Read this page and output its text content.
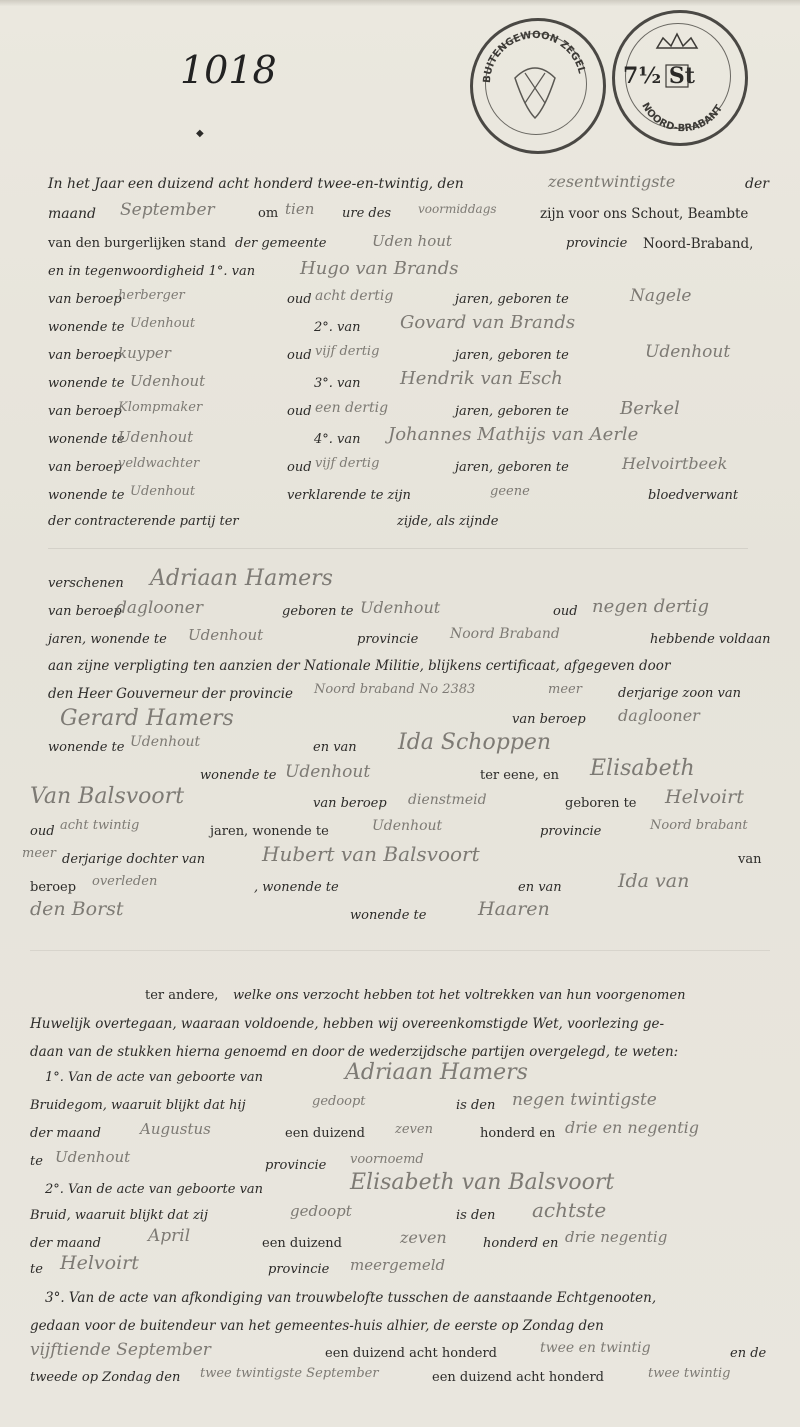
1018
◆
BUITENGEWOON ZEGEL 7½ St
NOORD-BRABANT
In het Jaar een duizend acht honderd twee-en-twintig, den	zesentwintigste	der
maand September	om tien ure des voormiddags	zijn voor ons Schout, Beambte
van den burgerlijken stand der gemeente	Uden hout	provincie Noord-Braband,
en in tegenwoordigheid 1°. van Hugo van Brands
van beroep
herberger	oud acht dertig	jaren, geboren te	Nagele
wonende te Udenhout	2°. van Govard van Brands
van beroep
kuyper	oud vijf dertig	jaren, geboren te	Udenhout
wonende te Udenhout	3°. van Hendrik van Esch
van beroep
Klompmaker	oud een dertig	jaren, geboren te	Berkel
wonende te
Udenhout	4°. van Johannes Mathijs van Aerle
van beroep
veldwachter	oud vijf dertig	jaren, geboren te	Helvoirtbeek
wonende te Udenhout	verklarende te zijn	geene	bloedverwant
der contracterende partij ter	zijde, als zijnde
verschenen Adriaan Hamers
van beroep
daglooner	geboren te Udenhout	oud negen dertig
jaren, wonende te Udenhout	provincie Noord Braband	hebbende voldaan
aan zijne verpligting ten aanzien der Nationale Militie, blijkens certificaat, afgegeven door
den Heer Gouverneur der provincie Noord braband No 2383	meer	derjarige zoon van
Gerard Hamers	van beroep daglooner
wonende te Udenhout	en van Ida Schoppen
wonende te Udenhout	ter eene, en Elisabeth
Van Balsvoort	van beroep dienstmeid	geboren te Helvoirt
oud acht twintig	jaren, wonende te	Udenhout	provincie	Noord brabant
meer derjarige dochter van	Hubert van Balsvoort	van
beroep overleden	, wonende te	en van	Ida van
den Borst	wonende te	Haaren
ter andere, welke ons verzocht hebben tot het voltrekken van hun voorgenomen
Huwelijk overtegaan, waaraan voldoende, hebben wij overeenkomstigde Wet, voorlezing ge-
daan van de stukken hierna genoemd en door de wederzijdsche partijen overgelegd, te weten:
1°. Van de acte van geboorte van	Adriaan Hamers
Bruidegom, waaruit blijkt dat hij	gedoopt	is den negen twintigste
der maand	Augustus	een duizend zeven	honderd en drie en negentig
te Udenhout	provincie voornoemd
2°. Van de acte van geboorte van	Elisabeth van Balsvoort
Bruid, waaruit blijkt dat zij	gedoopt	is den achtste
der maand	April	een duizend	zeven	honderd en drie negentig
te Helvoirt	provincie meergemeld
3°. Van de acte van afkondiging van trouwbelofte tusschen de aanstaande Echtgenooten,
gedaan voor de buitendeur van het gemeentes-huis alhier, de eerste op Zondag den
vijftiende September	een duizend acht honderd	twee en twintig	en de
tweede op Zondag den twee twintigste September	een duizend acht honderd	twee twintig
